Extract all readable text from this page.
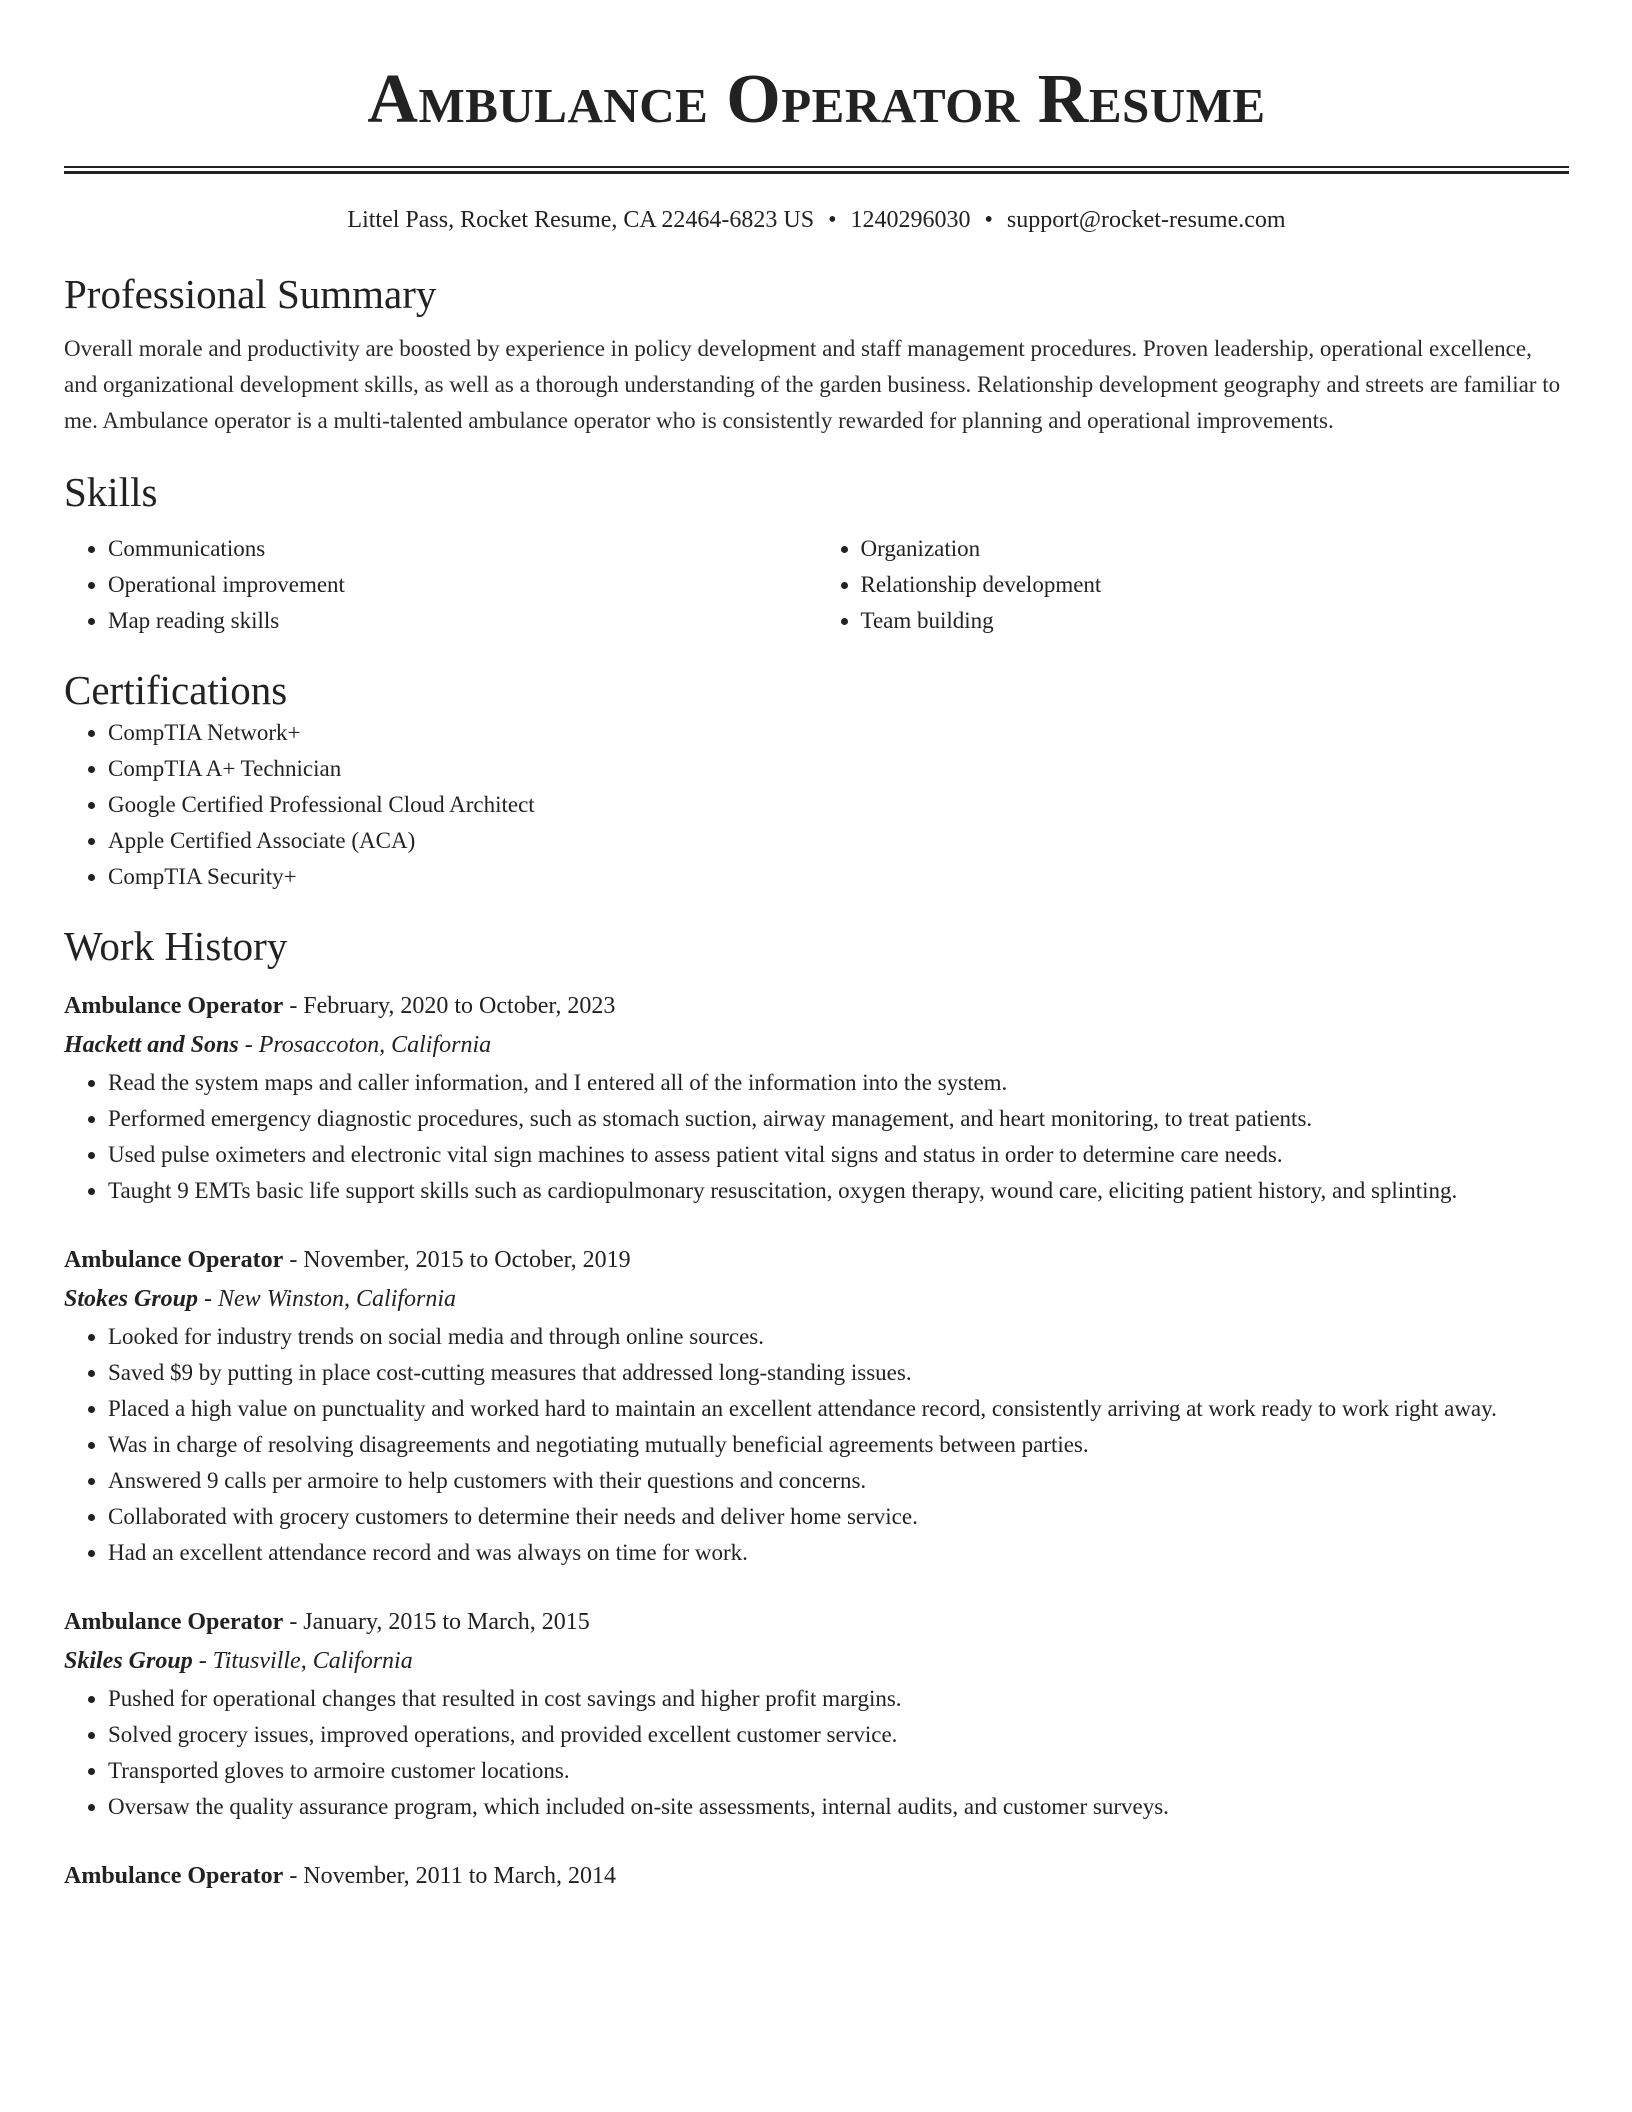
Ambulance Operator Resume
Littel Pass, Rocket Resume, CA 22464-6823 US • 1240296030 • support@rocket-resume.com
Professional Summary
Overall morale and productivity are boosted by experience in policy development and staff management procedures. Proven leadership, operational excellence, and organizational development skills, as well as a thorough understanding of the garden business. Relationship development geography and streets are familiar to me. Ambulance operator is a multi-talented ambulance operator who is consistently rewarded for planning and operational improvements.
Skills
• Communications
• Operational improvement
• Map reading skills
• Organization
• Relationship development
• Team building
Certifications
• CompTIA Network+
• CompTIA A+ Technician
• Google Certified Professional Cloud Architect
• Apple Certified Associate (ACA)
• CompTIA Security+
Work History
Ambulance Operator - February, 2020 to October, 2023
Hackett and Sons - Prosaccoton, California
• Read the system maps and caller information, and I entered all of the information into the system.
• Performed emergency diagnostic procedures, such as stomach suction, airway management, and heart monitoring, to treat patients.
• Used pulse oximeters and electronic vital sign machines to assess patient vital signs and status in order to determine care needs.
• Taught 9 EMTs basic life support skills such as cardiopulmonary resuscitation, oxygen therapy, wound care, eliciting patient history, and splinting.
Ambulance Operator - November, 2015 to October, 2019
Stokes Group - New Winston, California
• Looked for industry trends on social media and through online sources.
• Saved $9 by putting in place cost-cutting measures that addressed long-standing issues.
• Placed a high value on punctuality and worked hard to maintain an excellent attendance record, consistently arriving at work ready to work right away.
• Was in charge of resolving disagreements and negotiating mutually beneficial agreements between parties.
• Answered 9 calls per armoire to help customers with their questions and concerns.
• Collaborated with grocery customers to determine their needs and deliver home service.
• Had an excellent attendance record and was always on time for work.
Ambulance Operator - January, 2015 to March, 2015
Skiles Group - Titusville, California
• Pushed for operational changes that resulted in cost savings and higher profit margins.
• Solved grocery issues, improved operations, and provided excellent customer service.
• Transported gloves to armoire customer locations.
• Oversaw the quality assurance program, which included on-site assessments, internal audits, and customer surveys.
Ambulance Operator - November, 2011 to March, 2014
